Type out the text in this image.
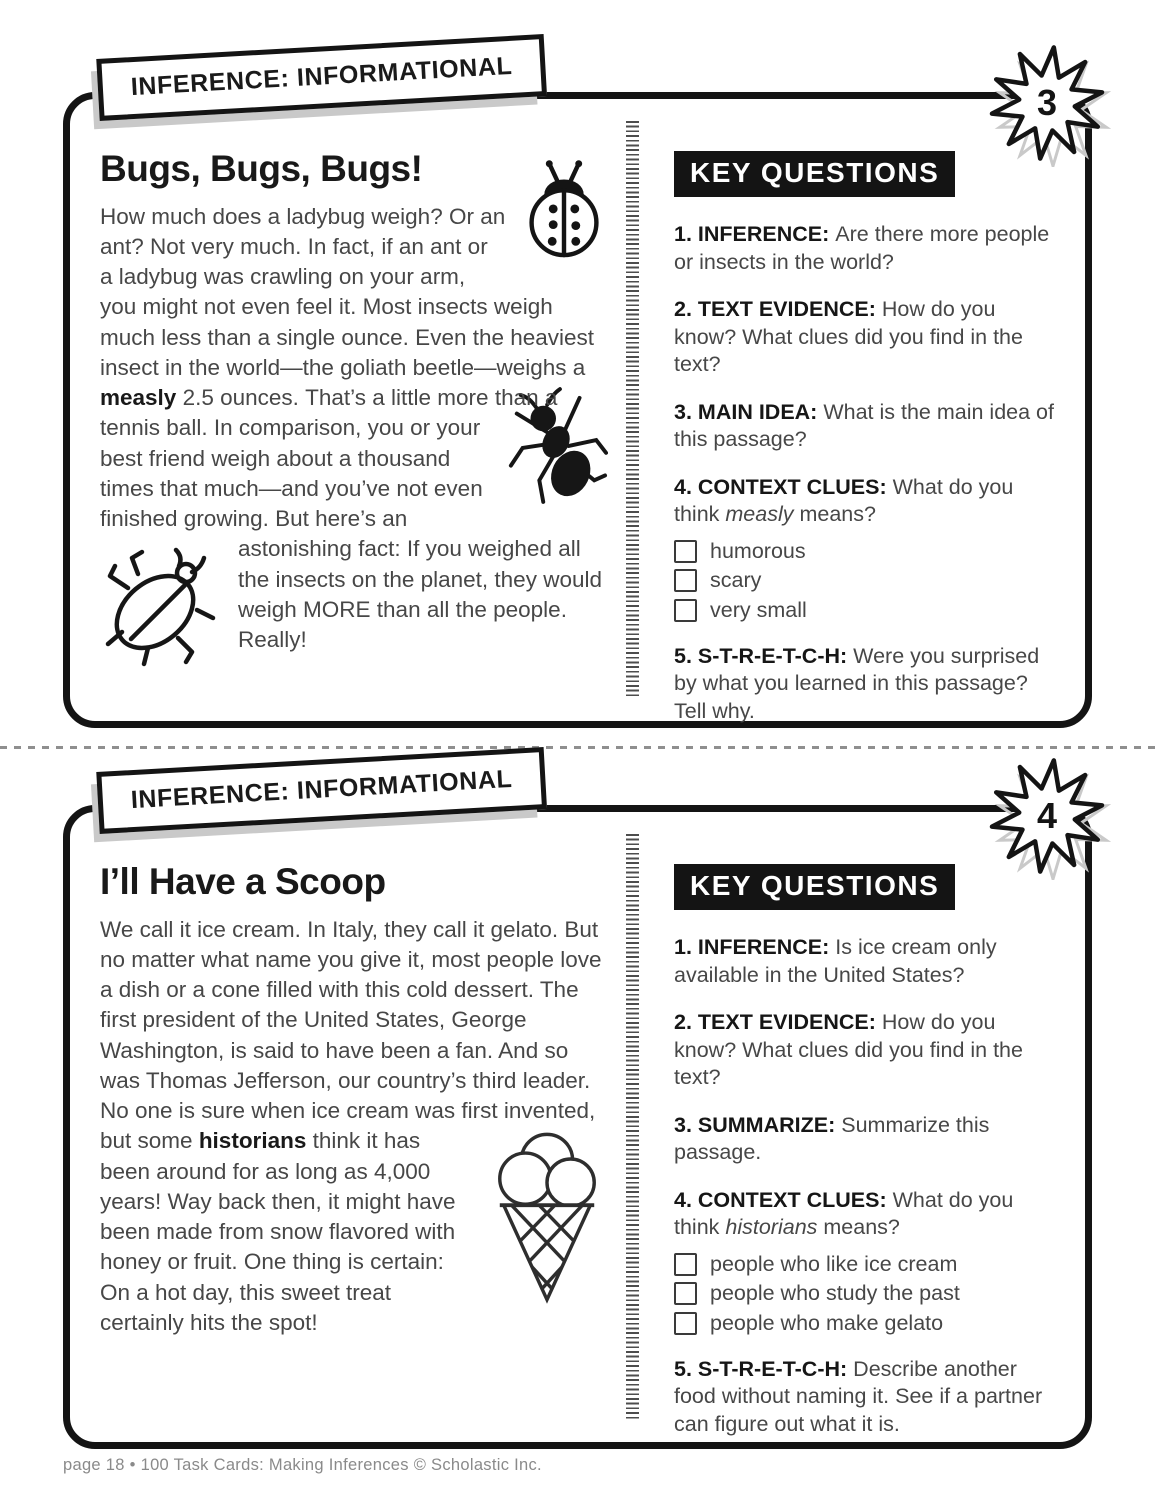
INFERENCE: INFORMATIONAL
3
Bugs, Bugs, Bugs!

How much does a ladybug weigh? Or an ant? Not very much. In fact, if an ant or a ladybug was crawling on your arm, you might not even feel it. Most insects weigh much less than a single ounce. Even the heaviest insect in the world—the goliath beetle—weighs a measly 2.5 ounces.
That’s a little more than a tennis ball. In comparison, you or your best friend weigh about a thousand times that much—and you’ve not even finished growing. But here’s an astonishing
fact: If you weighed all the insects on the planet, they would weigh MORE than all the people. Really!

KEY QUESTIONS

1. INFERENCE: Are there more people or insects in the world?

2. TEXT EVIDENCE: How do you know? What clues did you find in the text?

3. MAIN IDEA: What is the main idea of this passage?

4. CONTEXT CLUES: What do you think measly means?

humorous
scary
very small

5. S-T-R-E-T-C-H: Were you surprised by what you learned in this passage? Tell why.

INFERENCE: INFORMATIONAL
4
I’ll Have a Scoop

We call it ice cream. In Italy, they call it gelato. But no matter what name you give it, most people love a dish or a cone filled with this cold dessert. The first president of the United States, George Washington, is said to have been a fan. And so was Thomas Jefferson, our country’s third leader. No one is sure when ice cream was first invented, but some historians
think it has been around for as long as 4,000 years! Way back then, it might have been made from snow flavored with honey or fruit. One thing is certain: On a hot day, this sweet treat certainly hits the spot!

KEY QUESTIONS

1. INFERENCE: Is ice cream only available in the United States?

2. TEXT EVIDENCE: How do you know? What clues did you find in the text?

3. SUMMARIZE: Summarize this passage.

4. CONTEXT CLUES: What do you think historians means?

people who like ice cream
people who study the past
people who make gelato

5. S-T-R-E-T-C-H: Describe another food without naming it. See if a partner can figure out what it is.

page 18 • 100 Task Cards: Making Inferences © Scholastic Inc.
